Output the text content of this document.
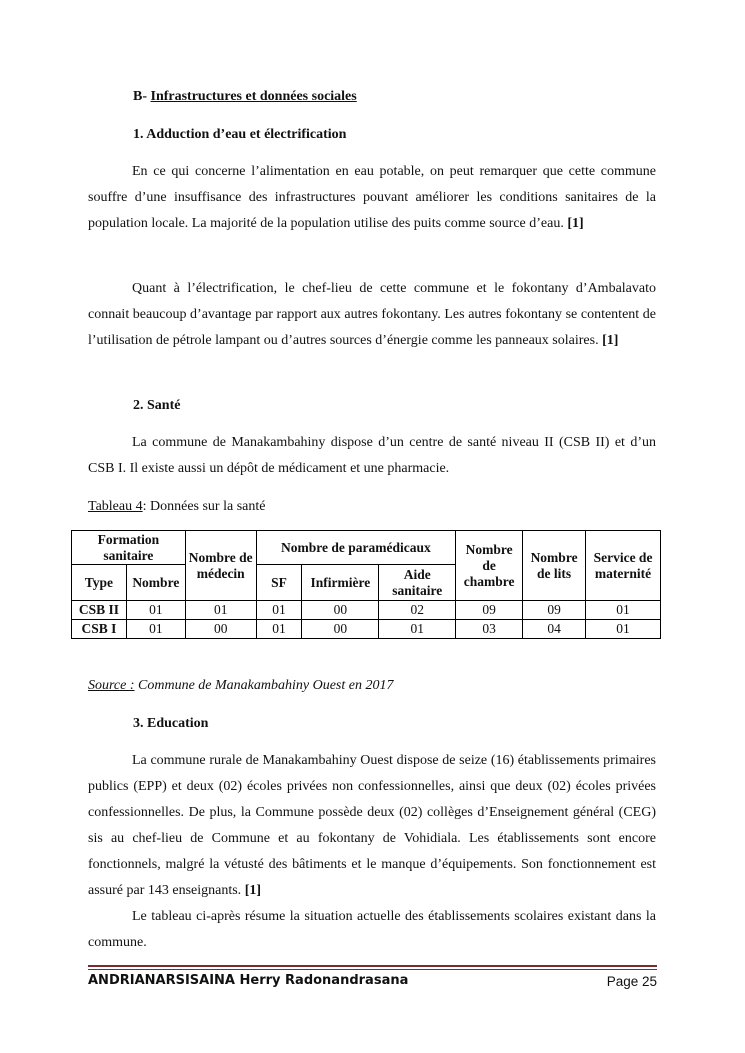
B- Infrastructures et données sociales
1. Adduction d’eau et électrification

En ce qui concerne l’alimentation en eau potable, on peut remarquer que cette commune souffre d’une insuffisance des infrastructures pouvant améliorer les conditions sanitaires de la population locale. La majorité de la population utilise des puits comme source d’eau. [1]

Quant à l’électrification, le chef-lieu de cette commune et le fokontany d’Ambalavato connait beaucoup d’avantage par rapport aux autres fokontany. Les autres fokontany se contentent de l’utilisation de pétrole lampant ou d’autres sources d’énergie comme les panneaux solaires. [1]

2. Santé

La commune de Manakambahiny dispose d’un centre de santé niveau II (CSB II) et d’un CSB I. Il existe aussi un dépôt de médicament et une pharmacie.

Tableau 4: Données sur la santé
Formation sanitaire		Nombre de médecin	Nombre de paramédicaux			Nombre de chambre	Nombre de lits	Service de maternité
Type	Nombre		SF	Infirmière	Aide sanitaire			
CSB II	01	01	01	00	02	09	09	01
CSB I	01	00	01	00	01	03	04	01
Source : Commune de Manakambahiny Ouest en 2017
3. Education

La commune rurale de Manakambahiny Ouest dispose de seize (16) établissements primaires publics (EPP) et deux (02) écoles privées non confessionnelles, ainsi que deux (02) écoles privées confessionnelles. De plus, la Commune possède deux (02) collèges d’Enseignement général (CEG) sis au chef-lieu de Commune et au fokontany de Vohidiala. Les établissements sont encore fonctionnels, malgré la vétusté des bâtiments et le manque d’équipements. Son fonctionnement est assuré par 143 enseignants. [1]

Le tableau ci-après résume la situation actuelle des établissements scolaires existant dans la commune.

ANDRIANARSISAINA Herry Radonandrasana	Page 25
